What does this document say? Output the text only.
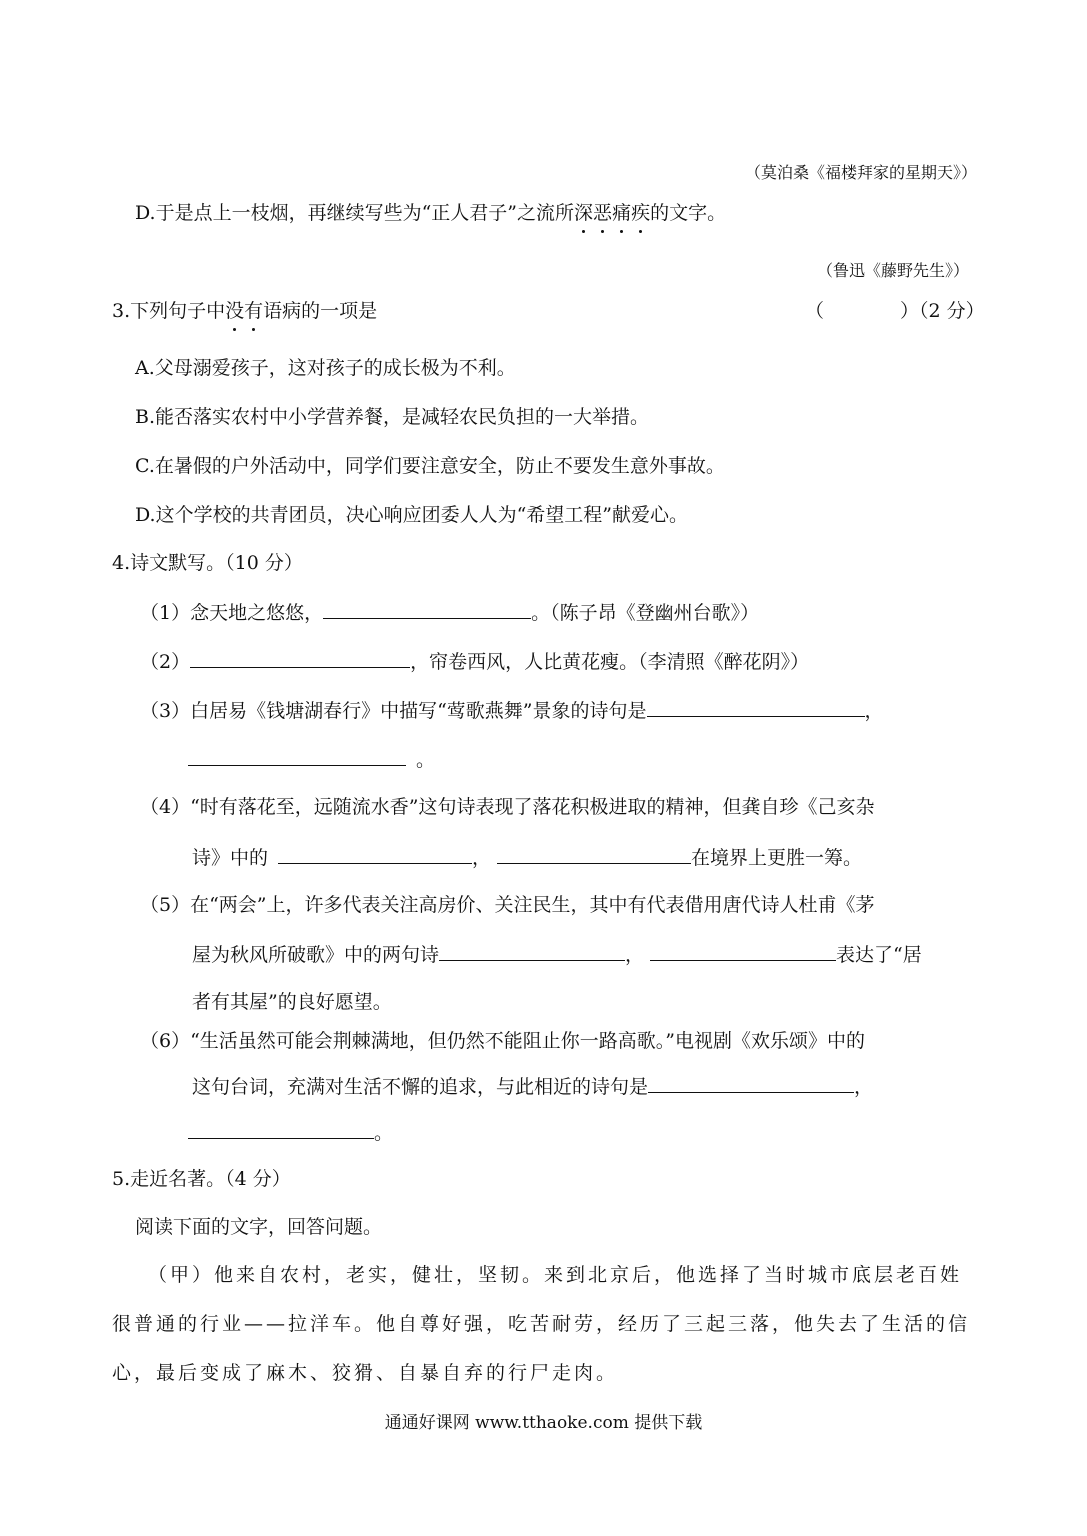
（莫泊桑《福楼拜家的星期天》）
D.于是点上一枝烟，再继续写些为“正人君子”之流所深恶痛疾的文字。
（鲁迅《藤野先生》）
3.下列句子中没有语病的一项是	（　　　　）（2 分）
A.父母溺爱孩子，这对孩子的成长极为不利。
B.能否落实农村中小学营养餐，是减轻农民负担的一大举措。
C.在暑假的户外活动中，同学们要注意安全，防止不要发生意外事故。
D.这个学校的共青团员，决心响应团委人人为“希望工程”献爱心。
4.诗文默写。（10 分）
（1）念天地之悠悠，	。（陈子昂《登幽州台歌》）
（2）	，帘卷西风，人比黄花瘦。（李清照《醉花阴》）
（3）白居易《钱塘湖春行》中描写“莺歌燕舞”景象的诗句是	，
。
（4）“时有落花至，远随流水香”这句诗表现了落花积极进取的精神，但龚自珍《己亥杂
诗》中的	，	在境界上更胜一筹。
（5）在“两会”上，许多代表关注高房价、关注民生，其中有代表借用唐代诗人杜甫《茅
屋为秋风所破歌》中的两句诗	，	表达了“居
者有其屋”的良好愿望。
（6）“生活虽然可能会荆棘满地，但仍然不能阻止你一路高歌。”电视剧《欢乐颂》中的
这句台词，充满对生活不懈的追求，与此相近的诗句是	，
。
5.走近名著。（4 分）
阅读下面的文字，回答问题。
（甲）他来自农村，老实，健壮，坚韧。来到北京后，他选择了当时城市底层老百姓
很普通的行业——拉洋车。他自尊好强，吃苦耐劳，经历了三起三落，他失去了生活的信
心，最后变成了麻木、狡猾、自暴自弃的行尸走肉。
通通好课网 www.tthaoke.com 提供下载
